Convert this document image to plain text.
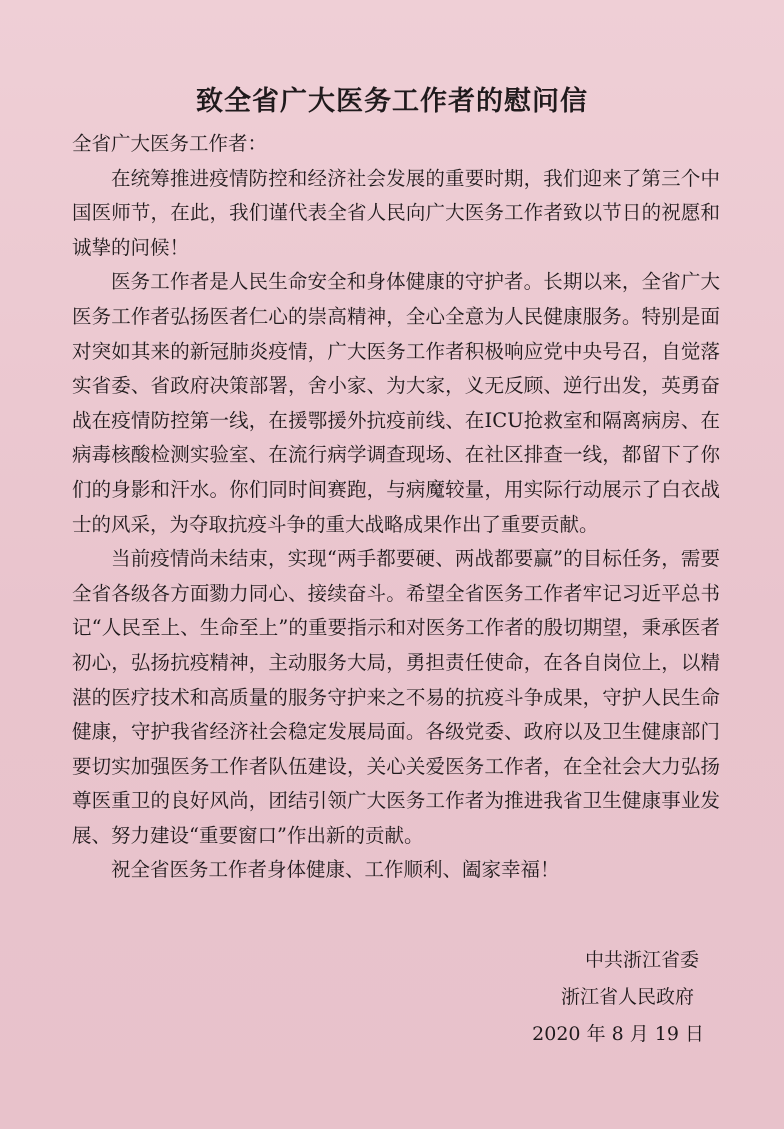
致全省广大医务工作者的慰问信

全省广大医务工作者：

在统筹推进疫情防控和经济社会发展的重要时期，我们迎来了第三个中国医师节，在此，我们谨代表全省人民向广大医务工作者致以节日的祝愿和诚挚的问候！

医务工作者是人民生命安全和身体健康的守护者。长期以来，全省广大医务工作者弘扬医者仁心的崇高精神，全心全意为人民健康服务。特别是面对突如其来的新冠肺炎疫情，广大医务工作者积极响应党中央号召，自觉落实省委、省政府决策部署，舍小家、为大家，义无反顾、逆行出发，英勇奋战在疫情防控第一线，在援鄂援外抗疫前线、在ICU抢救室和隔离病房、在病毒核酸检测实验室、在流行病学调查现场、在社区排查一线，都留下了你们的身影和汗水。你们同时间赛跑，与病魔较量，用实际行动展示了白衣战士的风采，为夺取抗疫斗争的重大战略成果作出了重要贡献。

当前疫情尚未结束，实现“两手都要硬、两战都要赢”的目标任务，需要全省各级各方面勠力同心、接续奋斗。希望全省医务工作者牢记习近平总书记“人民至上、生命至上”的重要指示和对医务工作者的殷切期望，秉承医者初心，弘扬抗疫精神，主动服务大局，勇担责任使命，在各自岗位上，以精湛的医疗技术和高质量的服务守护来之不易的抗疫斗争成果，守护人民生命健康，守护我省经济社会稳定发展局面。各级党委、政府以及卫生健康部门要切实加强医务工作者队伍建设，关心关爱医务工作者，在全社会大力弘扬尊医重卫的良好风尚，团结引领广大医务工作者为推进我省卫生健康事业发展、努力建设“重要窗口”作出新的贡献。

祝全省医务工作者身体健康、工作顺利、阖家幸福！

中共浙江省委
浙江省人民政府
2020 年 8 月 19 日
